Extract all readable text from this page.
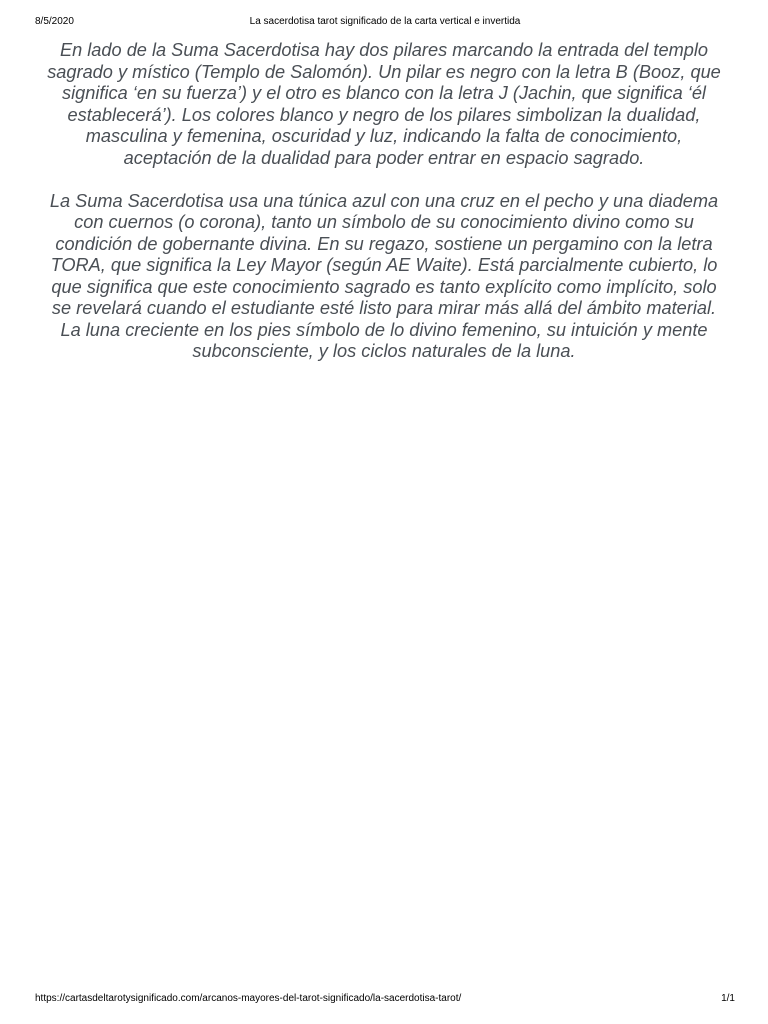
8/5/2020	La sacerdotisa tarot significado de la carta vertical e invertida

En lado de la Suma Sacerdotisa hay dos pilares marcando la entrada del templo sagrado y místico (Templo de Salomón). Un pilar es negro con la letra B (Booz, que significa ‘en su fuerza’) y el otro es blanco con la letra J (Jachin, que significa ‘él establecerá’). Los colores blanco y negro de los pilares simbolizan la dualidad, masculina y femenina, oscuridad y luz, indicando la falta de conocimiento, aceptación de la dualidad para poder entrar en espacio sagrado.

La Suma Sacerdotisa usa una túnica azul con una cruz en el pecho y una diadema con cuernos (o corona), tanto un símbolo de su conocimiento divino como su condición de gobernante divina. En su regazo, sostiene un pergamino con la letra TORA, que significa la Ley Mayor (según AE Waite). Está parcialmente cubierto, lo que significa que este conocimiento sagrado es tanto explícito como implícito, solo se revelará cuando el estudiante esté listo para mirar más allá del ámbito material. La luna creciente en los pies símbolo de lo divino femenino, su intuición y mente subconsciente, y los ciclos naturales de la luna.

https://cartasdeltarotysignificado.com/arcanos-mayores-del-tarot-significado/la-sacerdotisa-tarot/	1/1
